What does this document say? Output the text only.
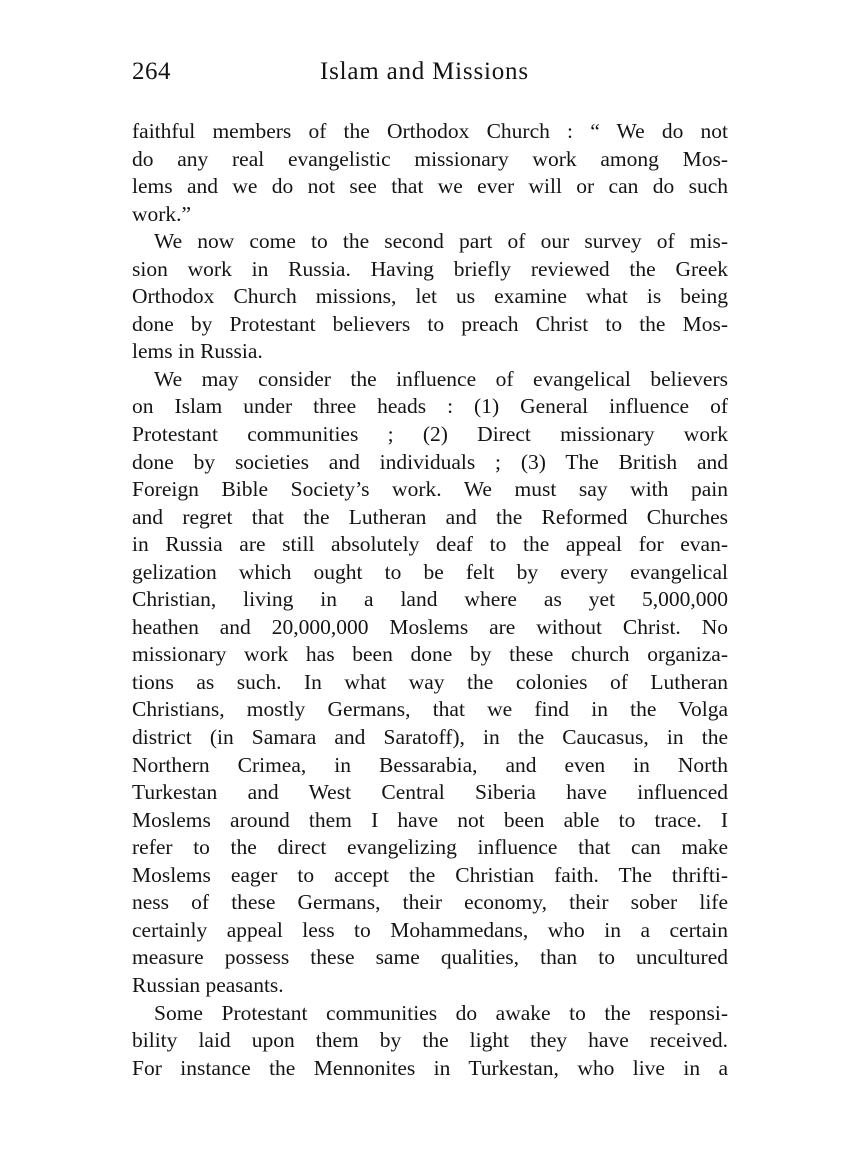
264	Islam and Missions
faithful members of the Orthodox Church : “ We do not
do any real evangelistic missionary work among Mos-
lems and we do not see that we ever will or can do such
work.”
We now come to the second part of our survey of mis-
sion work in Russia. Having briefly reviewed the Greek
Orthodox Church missions, let us examine what is being
done by Protestant believers to preach Christ to the Mos-
lems in Russia.
We may consider the influence of evangelical believers
on Islam under three heads : (1) General influence of
Protestant communities ; (2) Direct missionary work
done by societies and individuals ; (3) The British and
Foreign Bible Society’s work. We must say with pain
and regret that the Lutheran and the Reformed Churches
in Russia are still absolutely deaf to the appeal for evan-
gelization which ought to be felt by every evangelical
Christian, living in a land where as yet 5,000,000
heathen and 20,000,000 Moslems are without Christ. No
missionary work has been done by these church organiza-
tions as such. In what way the colonies of Lutheran
Christians, mostly Germans, that we find in the Volga
district (in Samara and Saratoff), in the Caucasus, in the
Northern Crimea, in Bessarabia, and even in North
Turkestan and West Central Siberia have influenced
Moslems around them I have not been able to trace. I
refer to the direct evangelizing influence that can make
Moslems eager to accept the Christian faith. The thrifti-
ness of these Germans, their economy, their sober life
certainly appeal less to Mohammedans, who in a certain
measure possess these same qualities, than to uncultured
Russian peasants.
Some Protestant communities do awake to the responsi-
bility laid upon them by the light they have received.
For instance the Mennonites in Turkestan, who live in a
